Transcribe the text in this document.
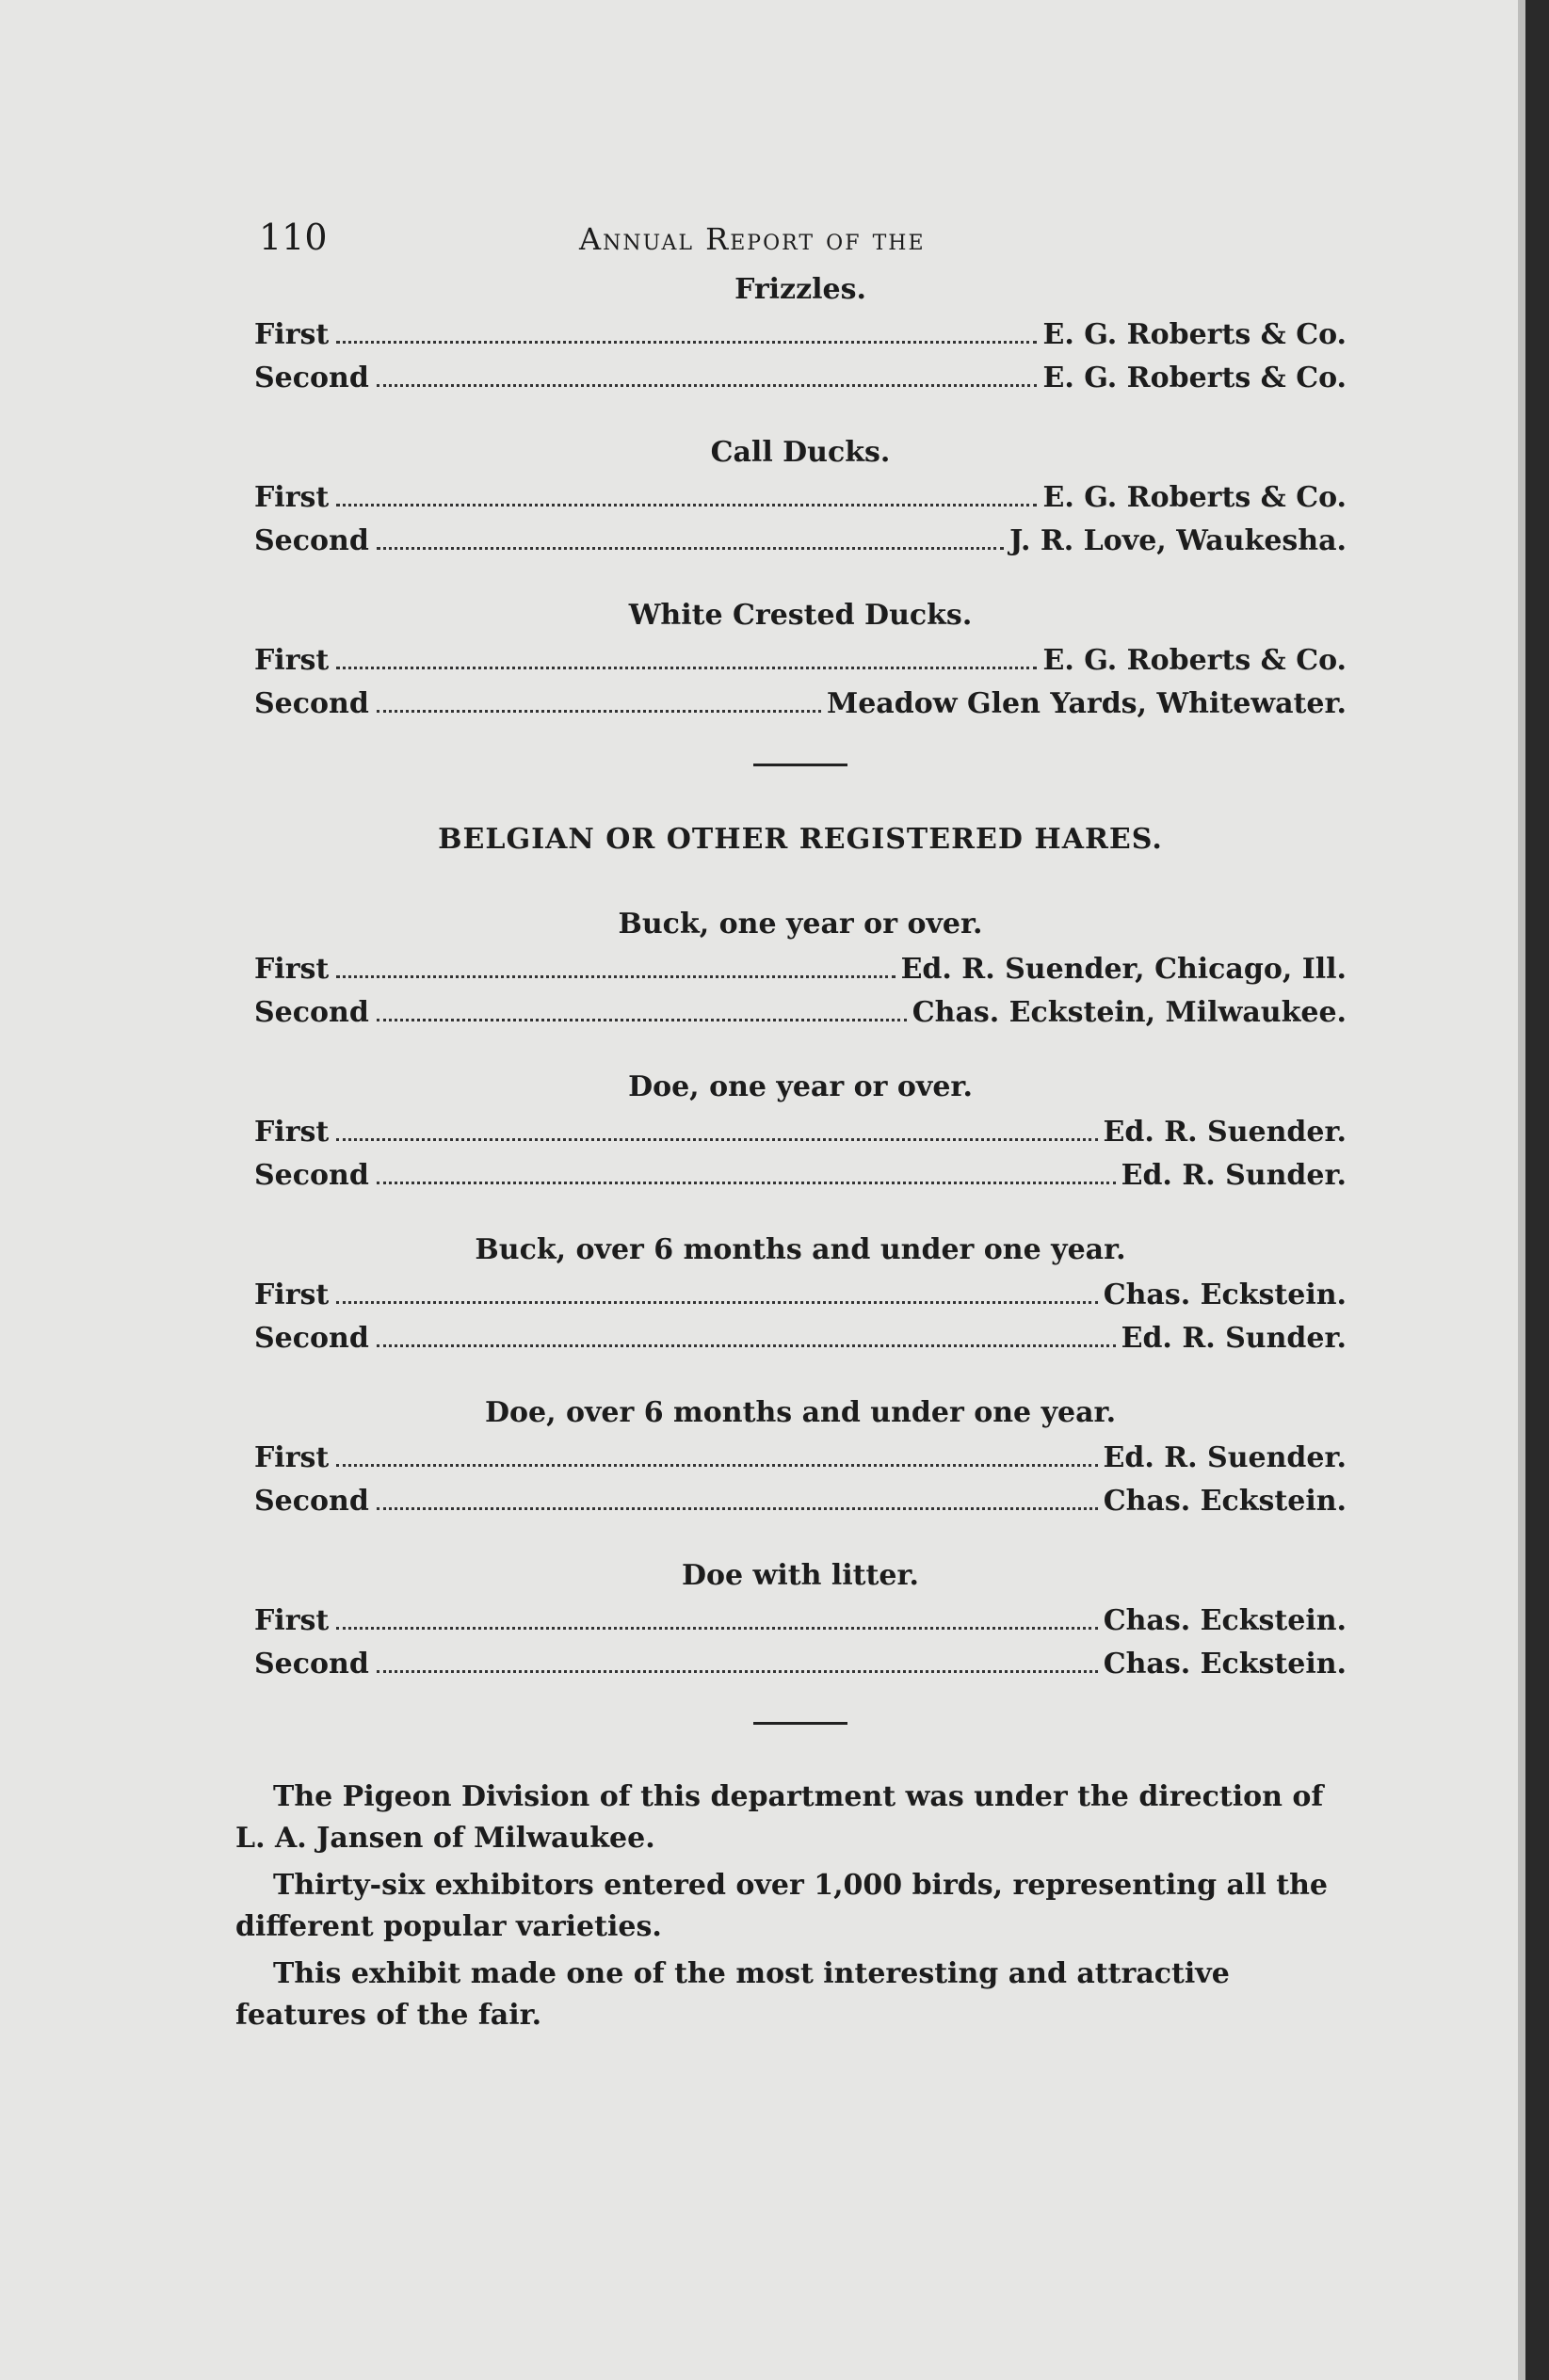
110	Annual Report of the
Frizzles.
First	E. G. Roberts & Co.
Second	E. G. Roberts & Co.
Call Ducks.
First	E. G. Roberts & Co.
Second	J. R. Love, Waukesha.
White Crested Ducks.
First	E. G. Roberts & Co.
Second	Meadow Glen Yards, Whitewater.
BELGIAN OR OTHER REGISTERED HARES.
Buck, one year or over.
First	Ed. R. Suender, Chicago, Ill.
Second	Chas. Eckstein, Milwaukee.
Doe, one year or over.
First	Ed. R. Suender.
Second	Ed. R. Sunder.
Buck, over 6 months and under one year.
First	Chas. Eckstein.
Second	Ed. R. Sunder.
Doe, over 6 months and under one year.
First	Ed. R. Suender.
Second	Chas. Eckstein.
Doe with litter.
First	Chas. Eckstein.
Second	Chas. Eckstein.

The Pigeon Division of this department was under the direction of L. A. Jansen of Milwaukee.

Thirty-six exhibitors entered over 1,000 birds, representing all the different popular varieties.

This exhibit made one of the most interesting and attractive features of the fair.
